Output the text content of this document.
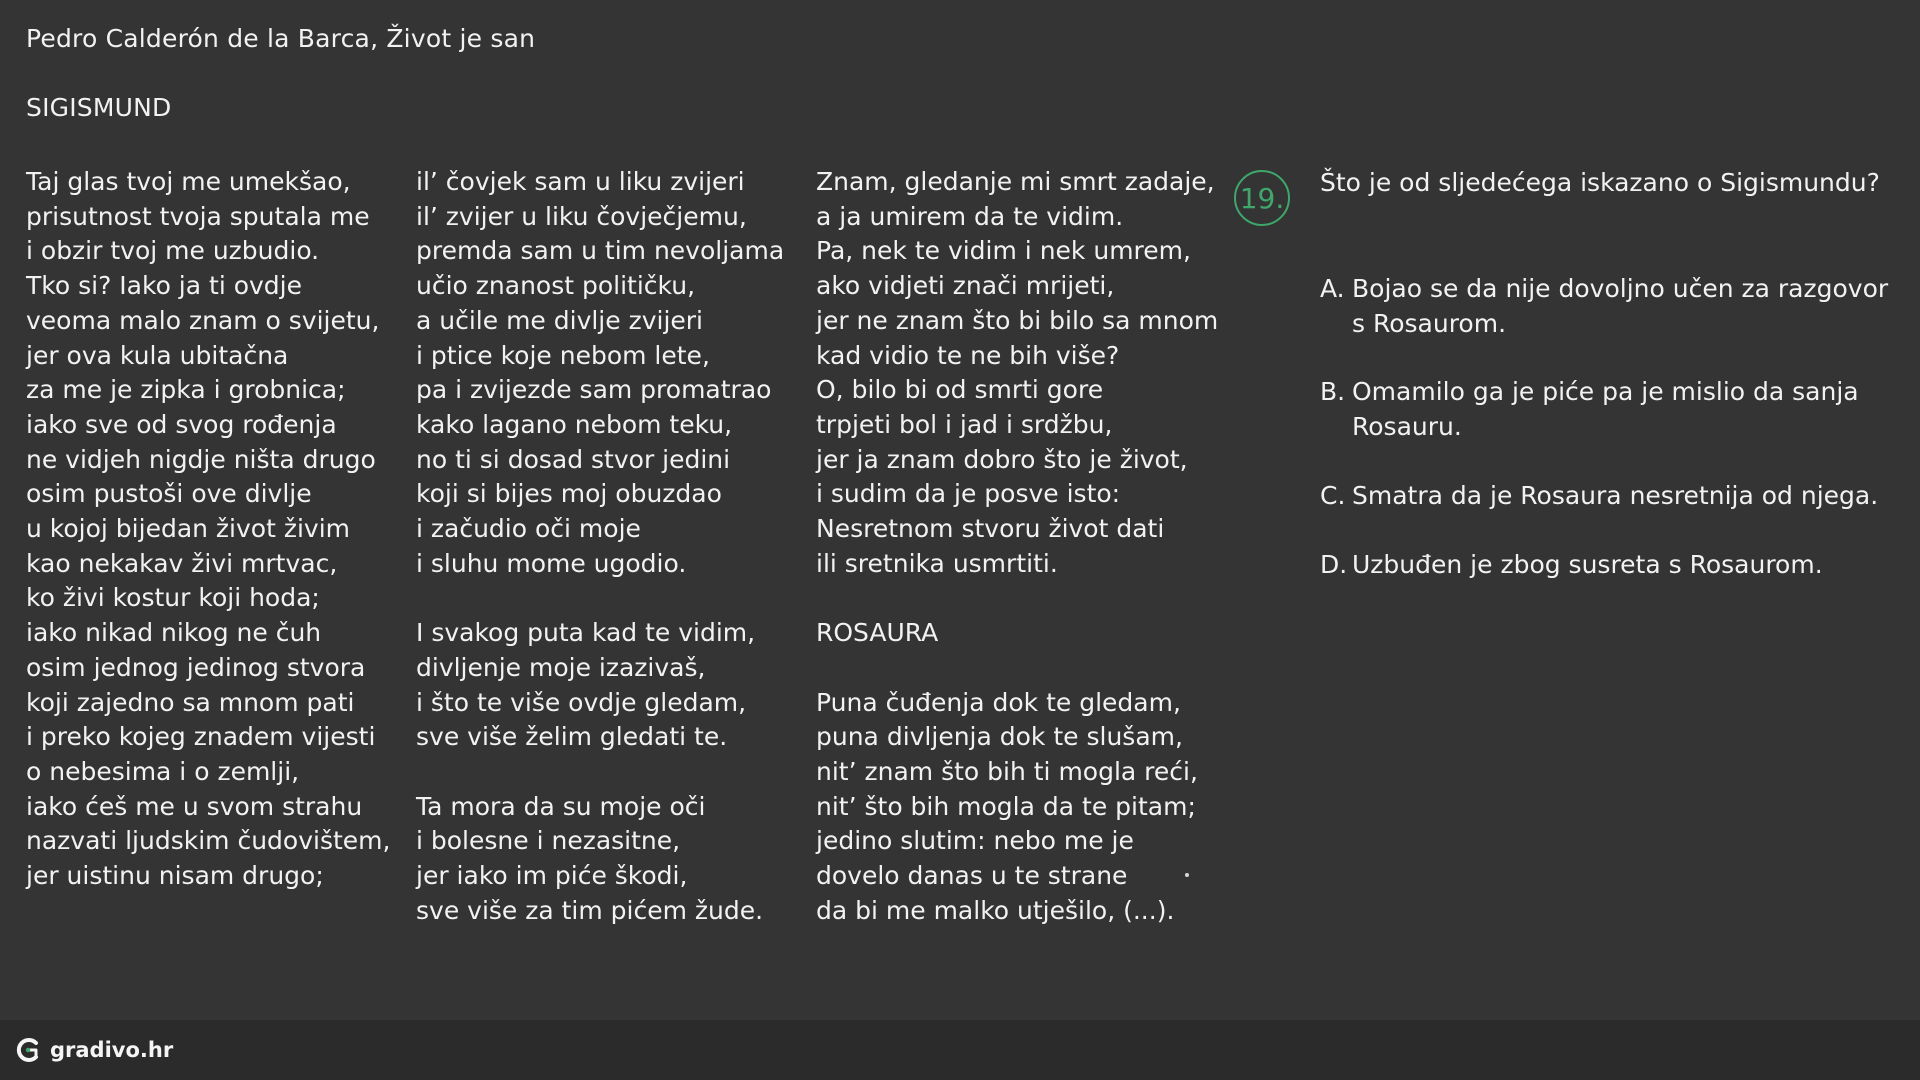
Pedro Calderón de la Barca, Život je san
SIGISMUND
Taj glas tvoj me umekšao,
prisutnost tvoja sputala me
i obzir tvoj me uzbudio.
Tko si? Iako ja ti ovdje
veoma malo znam o svijetu,
jer ova kula ubitačna
za me je zipka i grobnica;
iako sve od svog rođenja
ne vidjeh nigdje ništa drugo
osim pustoši ove divlje
u kojoj bijedan život živim
kao nekakav živi mrtvac,
ko živi kostur koji hoda;
iako nikad nikog ne čuh
osim jednog jedinog stvora
koji zajedno sa mnom pati
i preko kojeg znadem vijesti
o nebesima i o zemlji,
iako ćeš me u svom strahu
nazvati ljudskim čudovištem,
jer uistinu nisam drugo;
il’ čovjek sam u liku zvijeri
il’ zvijer u liku čovječjemu,
premda sam u tim nevoljama
učio znanost političku,
a učile me divlje zvijeri
i ptice koje nebom lete,
pa i zvijezde sam promatrao
kako lagano nebom teku,
no ti si dosad stvor jedini
koji si bijes moj obuzdao
i začudio oči moje
i sluhu mome ugodio.
I svakog puta kad te vidim,
divljenje moje izazivaš,
i što te više ovdje gledam,
sve više želim gledati te.
Ta mora da su moje oči
i bolesne i nezasitne,
jer iako im piće škodi,
sve više za tim pićem žude.
Znam, gledanje mi smrt zadaje,
a ja umirem da te vidim.
Pa, nek te vidim i nek umrem,
ako vidjeti znači mrijeti,
jer ne znam što bi bilo sa mnom
kad vidio te ne bih više?
O, bilo bi od smrti gore
trpjeti bol i jad i srdžbu,
jer ja znam dobro što je život,
i sudim da je posve isto:
Nesretnom stvoru život dati
ili sretnika usmrtiti.
ROSAURA
Puna čuđenja dok te gledam,
puna divljenja dok te slušam,
nit’ znam što bih ti mogla reći,
nit’ što bih mogla da te pitam;
jedino slutim: nebo me je
dovelo danas u te strane
da bi me malko utješilo, (...).
19. Što je od sljedećega iskazano o Sigismundu?
A. Bojao se da nije dovoljno učen za razgovor s Rosaurom.
B. Omamilo ga je piće pa je mislio da sanja Rosauru.
C. Smatra da je Rosaura nesretnija od njega.
D. Uzbuđen je zbog susreta s Rosaurom.
gradivo.hr
